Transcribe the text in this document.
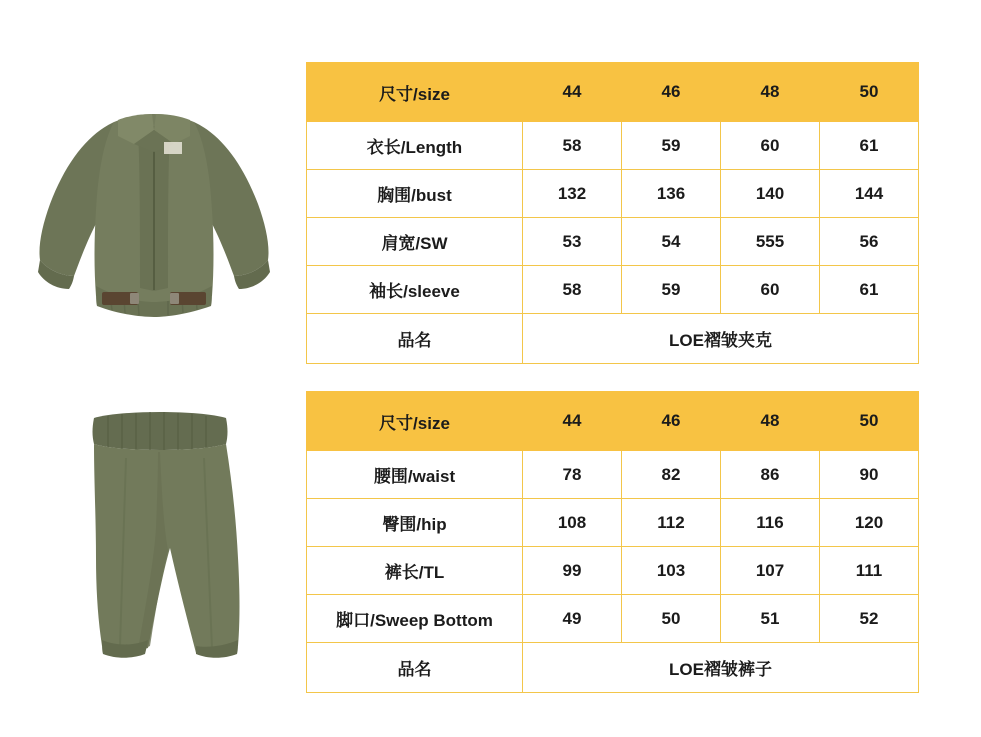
尺寸/size	44	46	48	50
衣长/Length	58	59	60	61
胸围/bust	132	136	140	144
肩宽/SW	53	54	555	56
袖长/sleeve	58	59	60	61
品名	LOE褶皱夹克			
尺寸/size	44	46	48	50
腰围/waist	78	82	86	90
臀围/hip	108	112	116	120
裤长/TL	99	103	107	111
脚口/Sweep Bottom	49	50	51	52
品名	LOE褶皱裤子			
